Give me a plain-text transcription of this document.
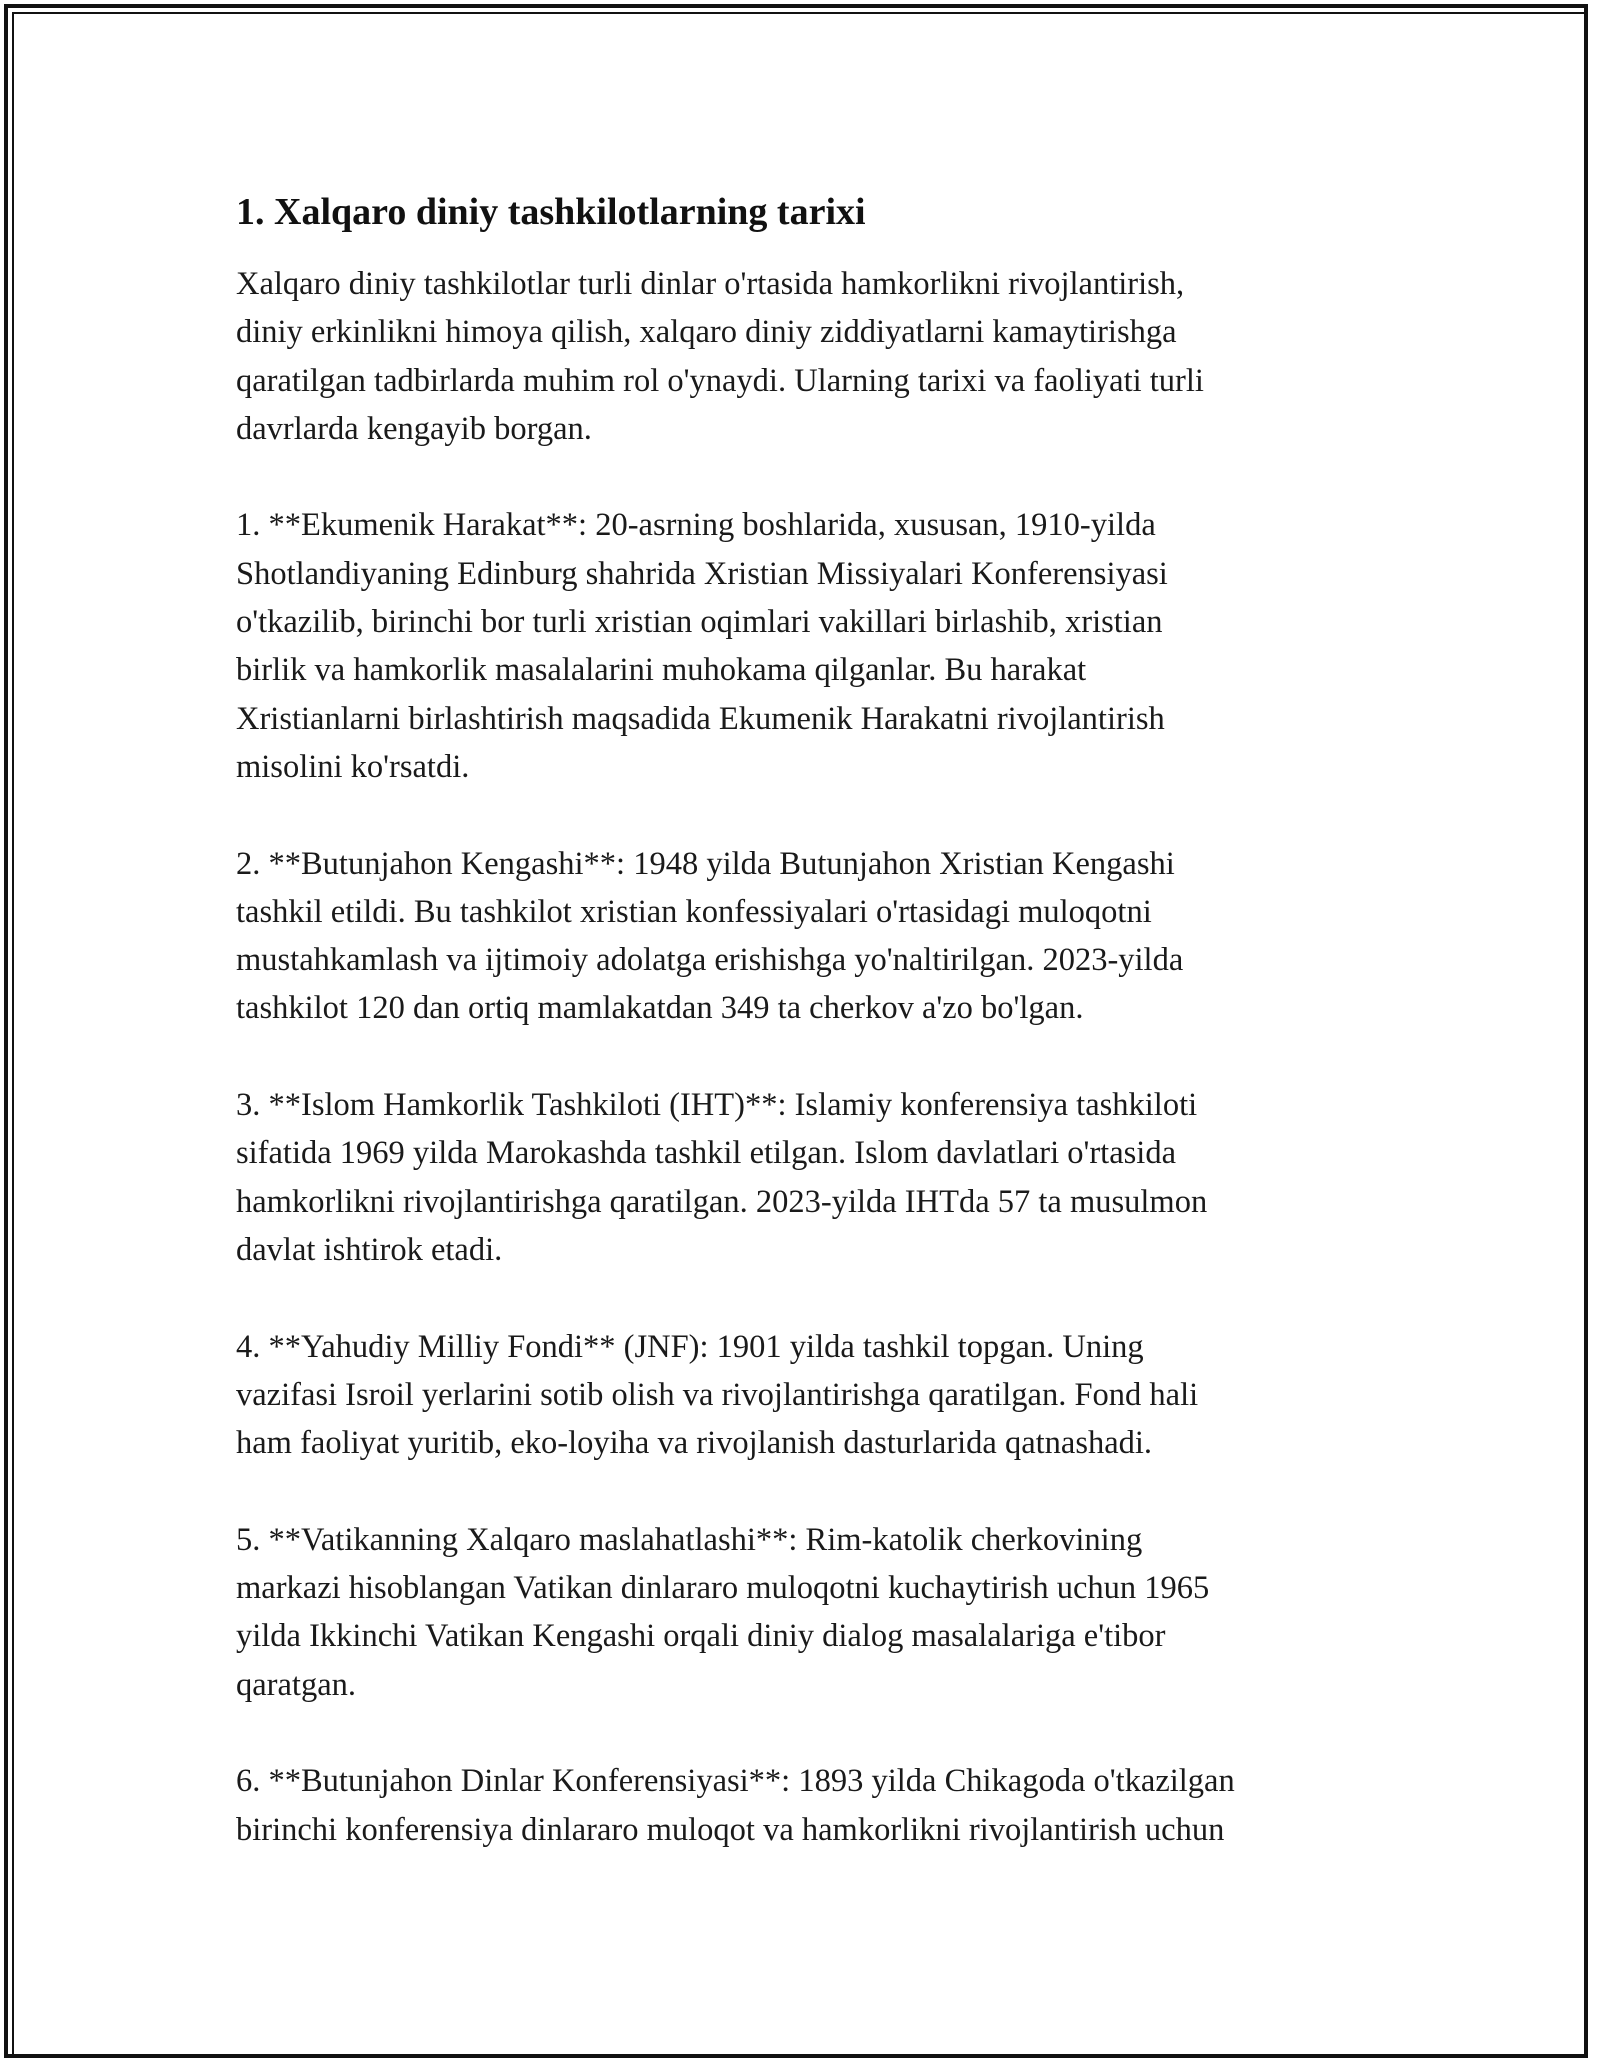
1. Xalqaro diniy tashkilotlarning tarixi

Xalqaro diniy tashkilotlar turli dinlar o'rtasida hamkorlikni rivojlantirish,
diniy erkinlikni himoya qilish, xalqaro diniy ziddiyatlarni kamaytirishga
qaratilgan tadbirlarda muhim rol o'ynaydi. Ularning tarixi va faoliyati turli
davrlarda kengayib borgan.

1. **Ekumenik Harakat**: 20-asrning boshlarida, xususan, 1910-yilda
Shotlandiyaning Edinburg shahrida Xristian Missiyalari Konferensiyasi
o'tkazilib, birinchi bor turli xristian oqimlari vakillari birlashib, xristian
birlik va hamkorlik masalalarini muhokama qilganlar. Bu harakat
Xristianlarni birlashtirish maqsadida Ekumenik Harakatni rivojlantirish
misolini ko'rsatdi.

2. **Butunjahon Kengashi**: 1948 yilda Butunjahon Xristian Kengashi
tashkil etildi. Bu tashkilot xristian konfessiyalari o'rtasidagi muloqotni
mustahkamlash va ijtimoiy adolatga erishishga yo'naltirilgan. 2023-yilda
tashkilot 120 dan ortiq mamlakatdan 349 ta cherkov a'zo bo'lgan.

3. **Islom Hamkorlik Tashkiloti (IHT)**: Islamiy konferensiya tashkiloti
sifatida 1969 yilda Marokashda tashkil etilgan. Islom davlatlari o'rtasida
hamkorlikni rivojlantirishga qaratilgan. 2023-yilda IHTda 57 ta musulmon
davlat ishtirok etadi.

4. **Yahudiy Milliy Fondi** (JNF): 1901 yilda tashkil topgan. Uning
vazifasi Isroil yerlarini sotib olish va rivojlantirishga qaratilgan. Fond hali
ham faoliyat yuritib, eko-loyiha va rivojlanish dasturlarida qatnashadi.

5. **Vatikanning Xalqaro maslahatlashi**: Rim-katolik cherkovining
markazi hisoblangan Vatikan dinlararo muloqotni kuchaytirish uchun 1965
yilda Ikkinchi Vatikan Kengashi orqali diniy dialog masalalariga e'tibor
qaratgan.

6. **Butunjahon Dinlar Konferensiyasi**: 1893 yilda Chikagoda o'tkazilgan
birinchi konferensiya dinlararo muloqot va hamkorlikni rivojlantirish uchun
